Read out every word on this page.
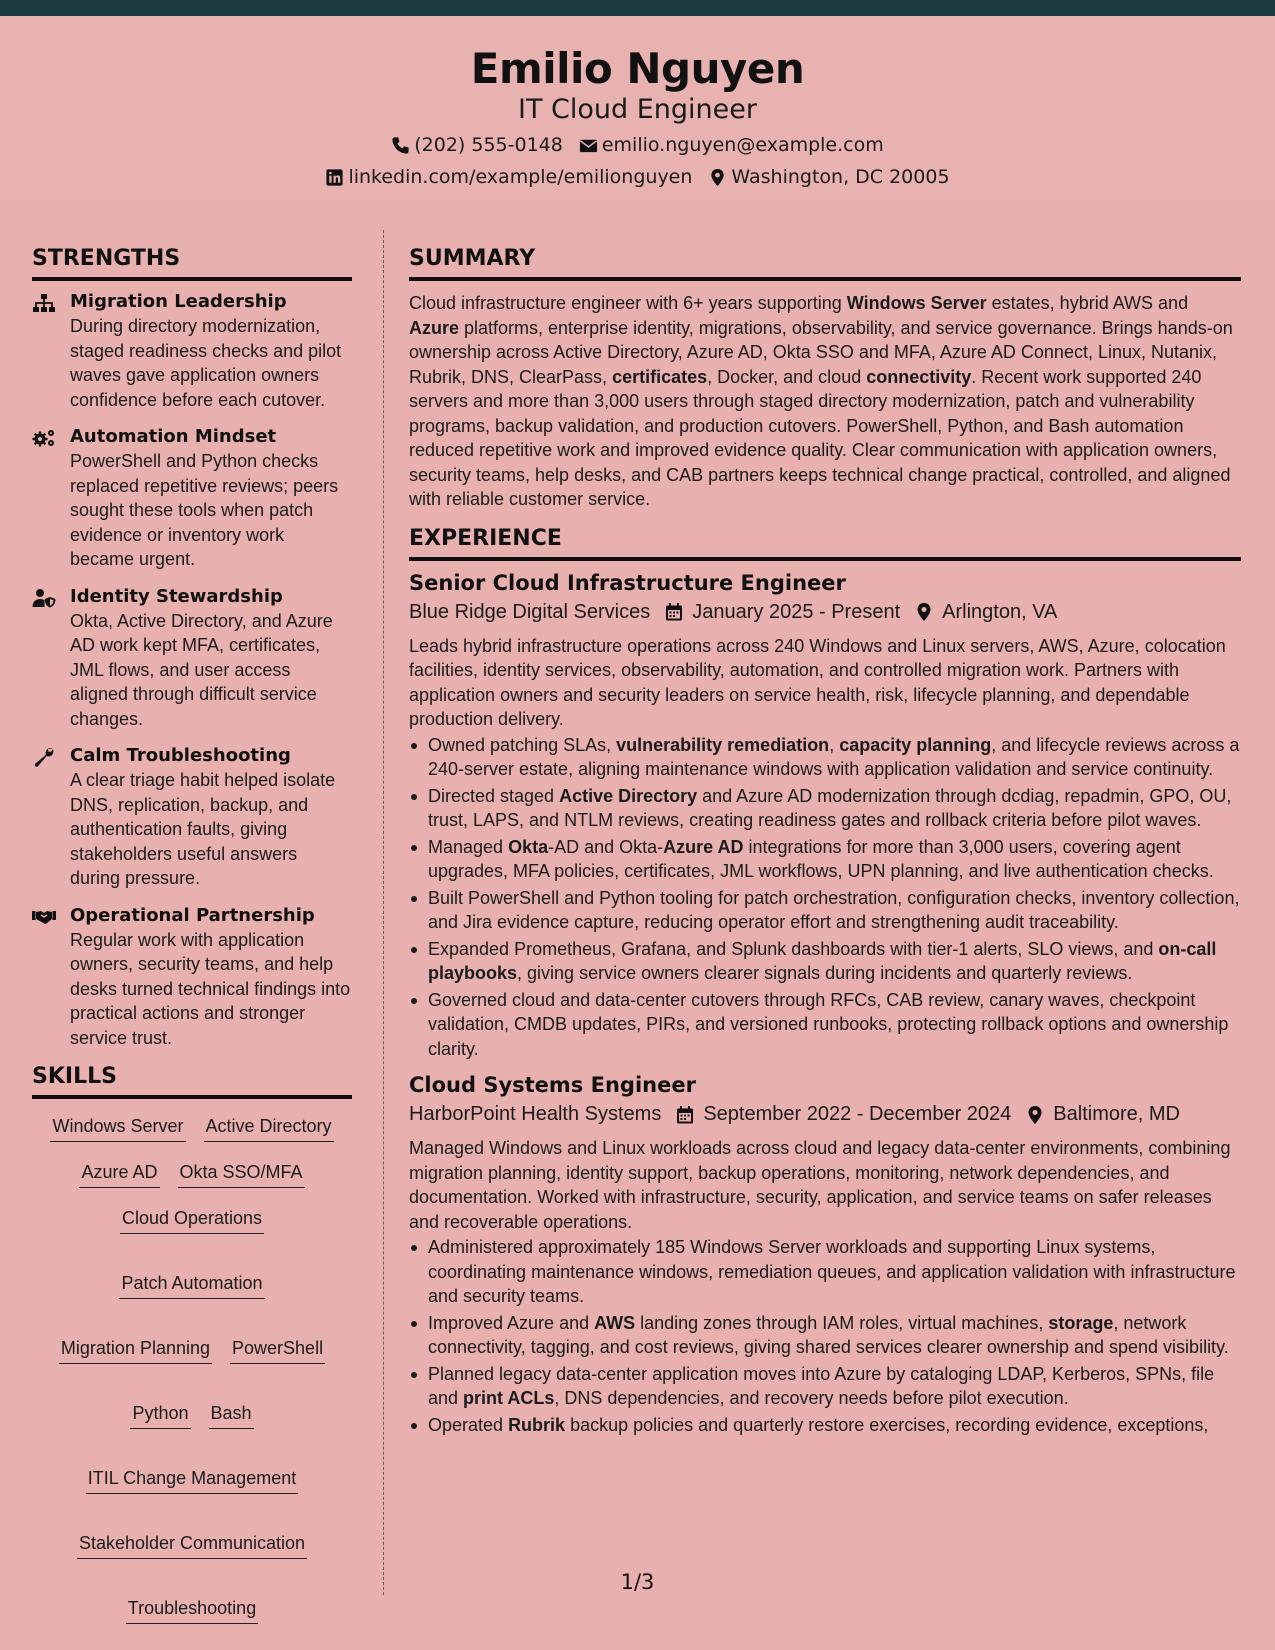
Emilio Nguyen
IT Cloud Engineer
(202) 555-0148 emilio.nguyen@example.com
linkedin.com/example/emilionguyen Washington, DC 20005
STRENGTHS
Migration Leadership
During directory modernization, staged readiness checks and pilot waves gave application owners confidence before each cutover.
Automation Mindset
PowerShell and Python checks replaced repetitive reviews; peers sought these tools when patch evidence or inventory work became urgent.
Identity Stewardship
Okta, Active Directory, and Azure AD work kept MFA, certificates, JML flows, and user access aligned through difficult service changes.
Calm Troubleshooting
A clear triage habit helped isolate DNS, replication, backup, and authentication faults, giving stakeholders useful answers during pressure.
Operational Partnership
Regular work with application owners, security teams, and help desks turned technical findings into practical actions and stronger service trust.
SKILLS
Windows Server Active Directory
Azure AD Okta SSO/MFA
Cloud Operations
Patch Automation
Migration Planning PowerShell
Python Bash
ITIL Change Management
Stakeholder Communication
Troubleshooting
SUMMARY
Cloud infrastructure engineer with 6+ years supporting Windows Server estates, hybrid AWS and Azure platforms, enterprise identity, migrations, observability, and service governance. Brings hands-on ownership across Active Directory, Azure AD, Okta SSO and MFA, Azure AD Connect, Linux, Nutanix, Rubrik, DNS, ClearPass, certificates, Docker, and cloud connectivity. Recent work supported 240 servers and more than 3,000 users through staged directory modernization, patch and vulnerability programs, backup validation, and production cutovers. PowerShell, Python, and Bash automation reduced repetitive work and improved evidence quality. Clear communication with application owners, security teams, help desks, and CAB partners keeps technical change practical, controlled, and aligned with reliable customer service.
EXPERIENCE
Senior Cloud Infrastructure Engineer
Blue Ridge Digital Services January 2025 - Present Arlington, VA
Leads hybrid infrastructure operations across 240 Windows and Linux servers, AWS, Azure, colocation facilities, identity services, observability, automation, and controlled migration work. Partners with application owners and security leaders on service health, risk, lifecycle planning, and dependable production delivery.
Owned patching SLAs, vulnerability remediation, capacity planning, and lifecycle reviews across a 240-server estate, aligning maintenance windows with application validation and service continuity.
Directed staged Active Directory and Azure AD modernization through dcdiag, repadmin, GPO, OU, trust, LAPS, and NTLM reviews, creating readiness gates and rollback criteria before pilot waves.
Managed Okta-AD and Okta-Azure AD integrations for more than 3,000 users, covering agent upgrades, MFA policies, certificates, JML workflows, UPN planning, and live authentication checks.
Built PowerShell and Python tooling for patch orchestration, configuration checks, inventory collection, and Jira evidence capture, reducing operator effort and strengthening audit traceability.
Expanded Prometheus, Grafana, and Splunk dashboards with tier-1 alerts, SLO views, and on-call playbooks, giving service owners clearer signals during incidents and quarterly reviews.
Governed cloud and data-center cutovers through RFCs, CAB review, canary waves, checkpoint validation, CMDB updates, PIRs, and versioned runbooks, protecting rollback options and ownership clarity.
Cloud Systems Engineer
HarborPoint Health Systems September 2022 - December 2024 Baltimore, MD
Managed Windows and Linux workloads across cloud and legacy data-center environments, combining migration planning, identity support, backup operations, monitoring, network dependencies, and documentation. Worked with infrastructure, security, application, and service teams on safer releases and recoverable operations.
Administered approximately 185 Windows Server workloads and supporting Linux systems, coordinating maintenance windows, remediation queues, and application validation with infrastructure and security teams.
Improved Azure and AWS landing zones through IAM roles, virtual machines, storage, network connectivity, tagging, and cost reviews, giving shared services clearer ownership and spend visibility.
Planned legacy data-center application moves into Azure by cataloging LDAP, Kerberos, SPNs, file and print ACLs, DNS dependencies, and recovery needs before pilot execution.
Operated Rubrik backup policies and quarterly restore exercises, recording evidence, exceptions,
1/3
